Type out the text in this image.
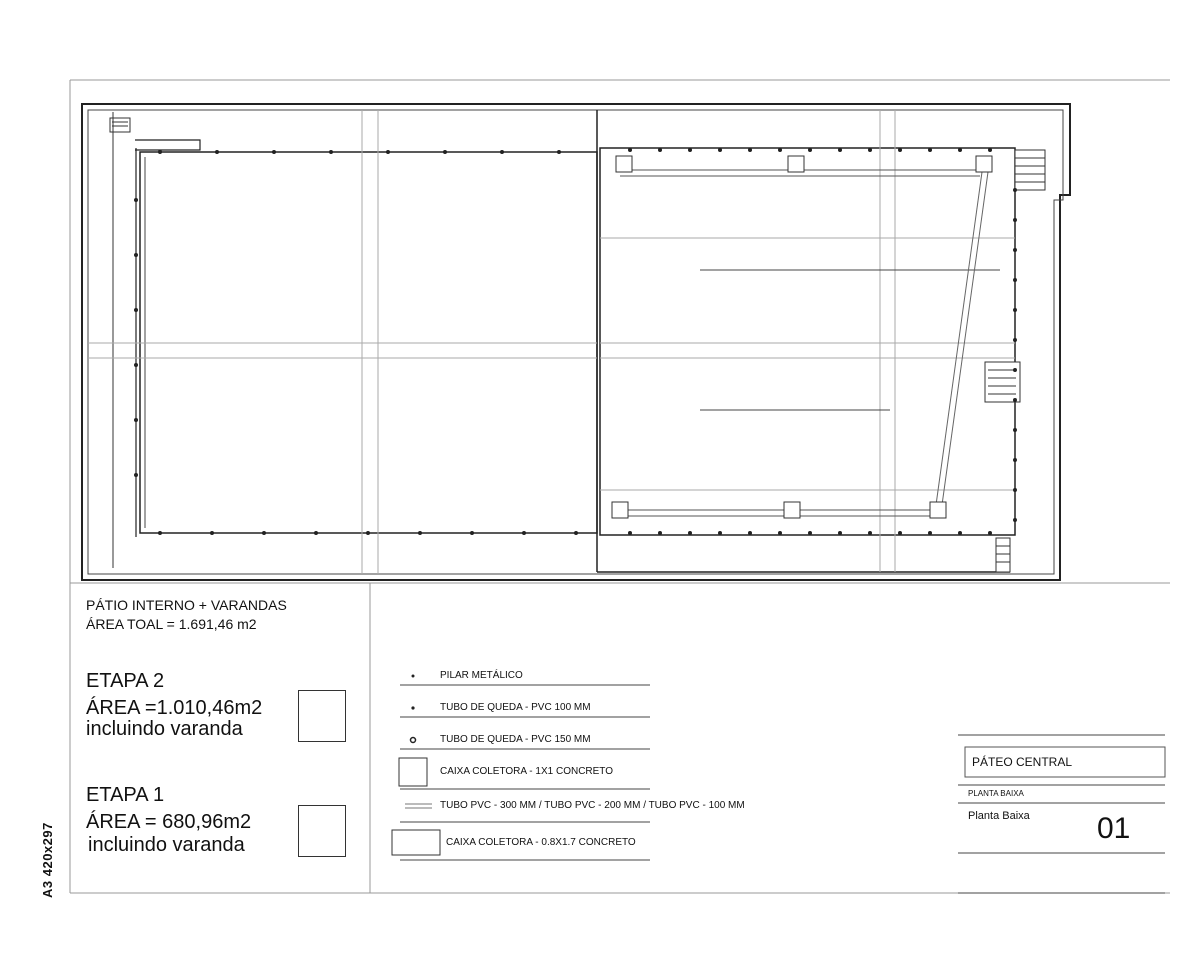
A3 420x297
PÁTIO INTERNO + VARANDAS
ÁREA TOAL = 1.691,46 m2
ETAPA 2
ÁREA =1.010,46m2
incluindo varanda
ETAPA 1
ÁREA = 680,96m2
incluindo varanda
PILAR METÁLICO
TUBO DE QUEDA - PVC 100 MM
TUBO DE QUEDA - PVC 150 MM
CAIXA COLETORA - 1X1 CONCRETO
TUBO PVC - 300 MM / TUBO PVC - 200 MM / TUBO PVC - 100 MM
CAIXA COLETORA - 0.8X1.7 CONCRETO
PÁTEO CENTRAL
PLANTA BAIXA
Planta Baixa 01
